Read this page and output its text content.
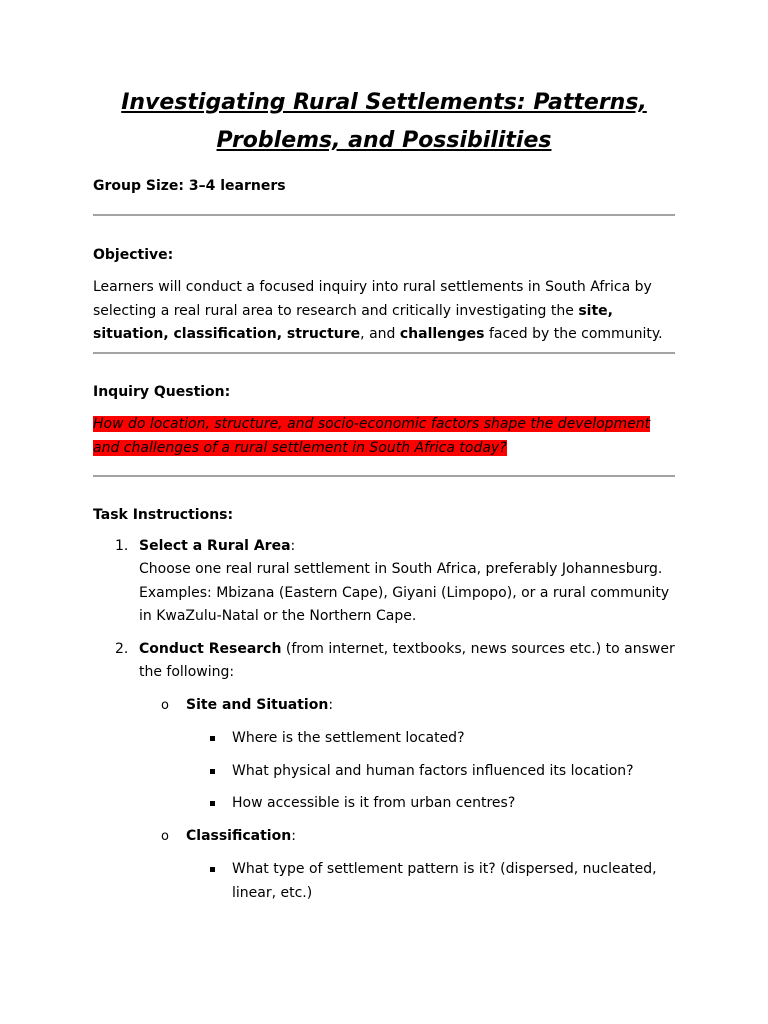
Investigating Rural Settlements: Patterns,
Problems, and Possibilities

Group Size: 3–4 learners

Objective:

Learners will conduct a focused inquiry into rural settlements in South Africa by selecting a real rural area to research and critically investigating the site, situation, classification, structure, and challenges faced by the community.

Inquiry Question:

How do location, structure, and socio-economic factors shape the development and challenges of a rural settlement in South Africa today?

Task Instructions:

1. Select a Rural Area:
Choose one real rural settlement in South Africa, preferably Johannesburg. Examples: Mbizana (Eastern Cape), Giyani (Limpopo), or a rural community in KwaZulu-Natal or the Northern Cape.
2. Conduct Research (from internet, textbooks, news sources etc.) to answer the following:
o Site and Situation:
Where is the settlement located?
What physical and human factors influenced its location?
How accessible is it from urban centres?
o Classification:
What type of settlement pattern is it? (dispersed, nucleated, linear, etc.)
